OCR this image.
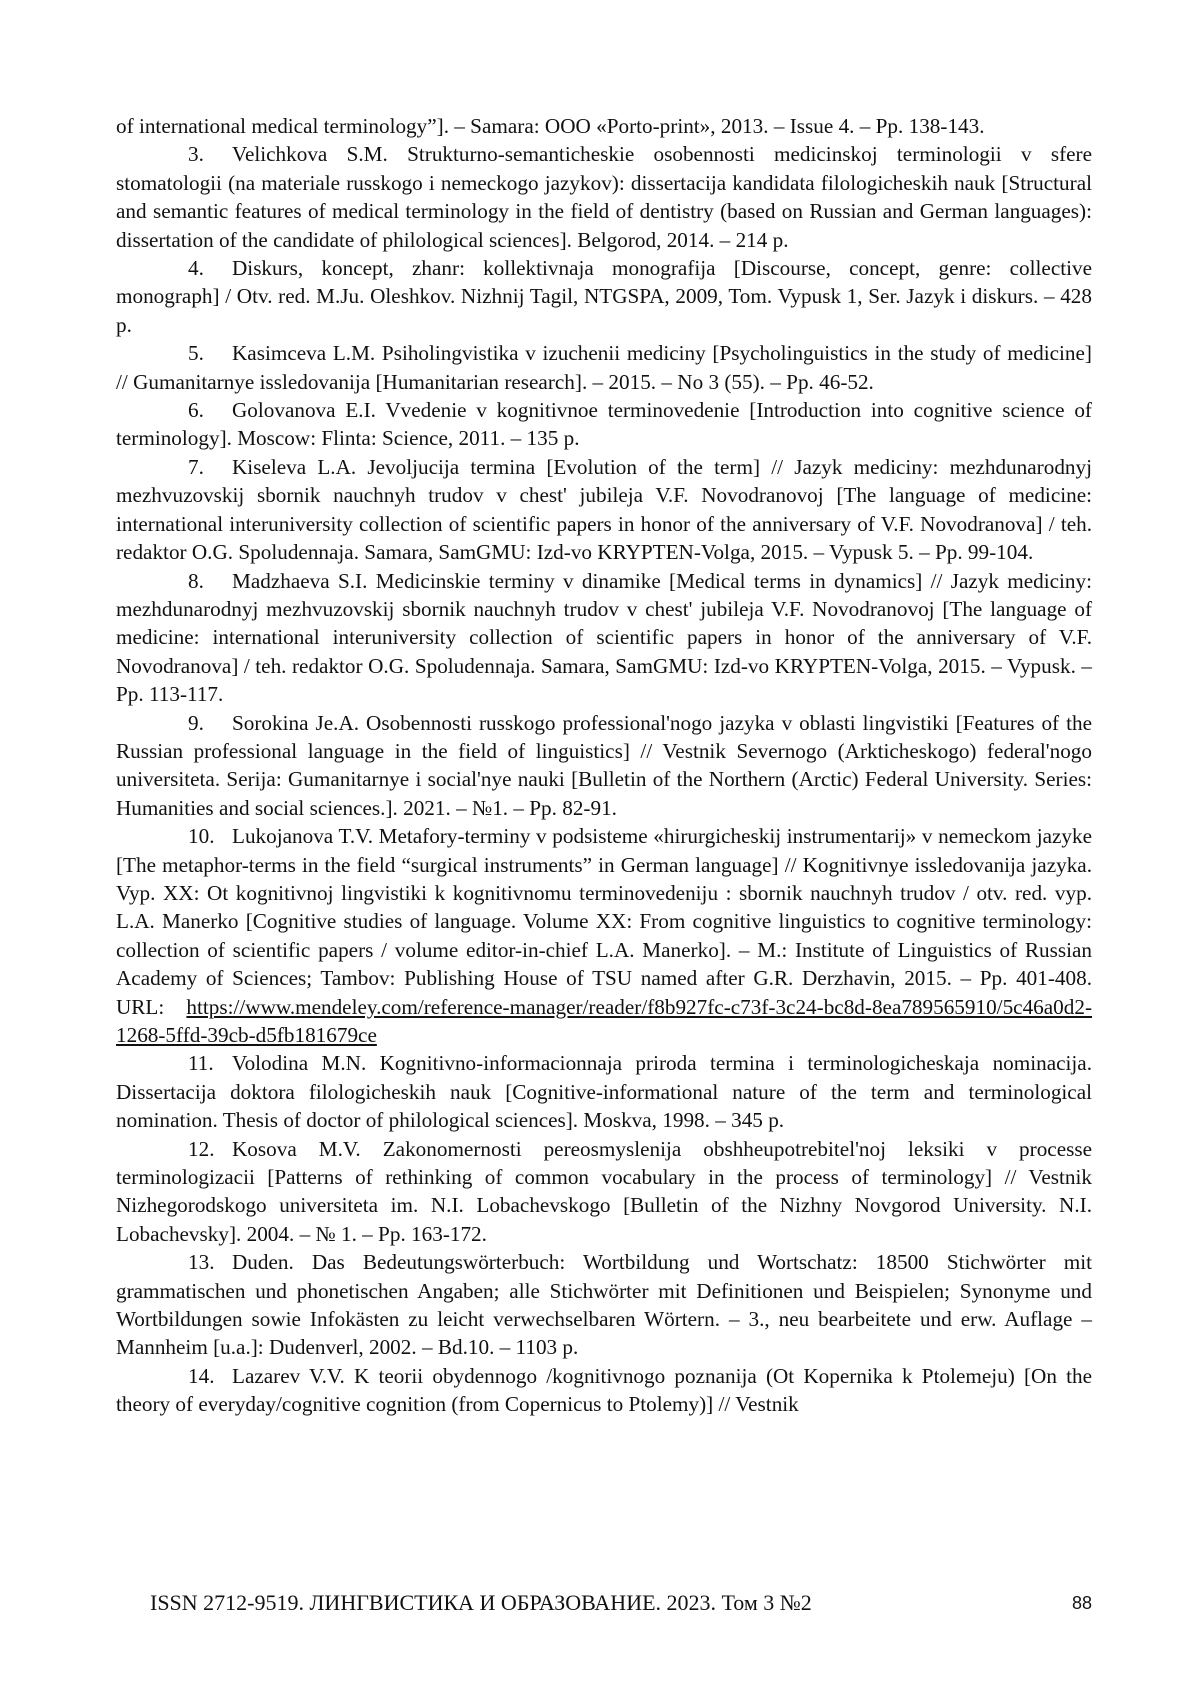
of international medical terminology”]. – Samara: OOO «Porto-print», 2013. – Issue 4. – Pp. 138-143.

3. Velichkova S.M. Strukturno-semanticheskie osobennosti medicinskoj terminologii v sfere stomatologii (na materiale russkogo i nemeckogo jazykov): dissertacija kandidata filologicheskih nauk [Structural and semantic features of medical terminology in the field of dentistry (based on Russian and German languages): dissertation of the candidate of philological sciences]. Belgorod, 2014. – 214 p.

4. Diskurs, koncept, zhanr: kollektivnaja monografija [Discourse, concept, genre: collective monograph] / Otv. red. M.Ju. Oleshkov. Nizhnij Tagil, NTGSPA, 2009, Tom. Vypusk 1, Ser. Jazyk i diskurs. – 428 p.

5. Kasimceva L.M. Psiholingvistika v izuchenii mediciny [Psycholinguistics in the study of medicine] // Gumanitarnye issledovanija [Humanitarian research]. – 2015. – No 3 (55). – Pp. 46-52.

6. Golovanova E.I. Vvedenie v kognitivnoe terminovedenie [Introduction into cognitive science of terminology]. Moscow: Flinta: Science, 2011. – 135 p.

7. Kiseleva L.A. Jevoljucija termina [Evolution of the term] // Jazyk mediciny: mezhdunarodnyj mezhvuzovskij sbornik nauchnyh trudov v chest' jubileja V.F. Novodranovoj [The language of medicine: international interuniversity collection of scientific papers in honor of the anniversary of V.F. Novodranova] / teh. redaktor O.G. Spoludennaja. Samara, SamGMU: Izd-vo KRYPTEN-Volga, 2015. – Vypusk 5. – Pp. 99-104.

8. Madzhaeva S.I. Medicinskie terminy v dinamike [Medical terms in dynamics] // Jazyk mediciny: mezhdunarodnyj mezhvuzovskij sbornik nauchnyh trudov v chest' jubileja V.F. Novodranovoj [The language of medicine: international interuniversity collection of scientific papers in honor of the anniversary of V.F. Novodranova] / teh. redaktor O.G. Spoludennaja. Samara, SamGMU: Izd-vo KRYPTEN-Volga, 2015. – Vypusk. – Pp. 113-117.

9. Sorokina Je.A. Osobennosti russkogo professional'nogo jazyka v oblasti lingvistiki [Features of the Russian professional language in the field of linguistics] // Vestnik Severnogo (Arkticheskogo) federal'nogo universiteta. Serija: Gumanitarnye i social'nye nauki [Bulletin of the Northern (Arctic) Federal University. Series: Humanities and social sciences.]. 2021. – №1. – Pp. 82-91.

10. Lukojanova T.V. Metafory-terminy v podsisteme «hirurgicheskij instrumentarij» v nemeckom jazyke [The metaphor-terms in the field “surgical instruments” in German language] // Kognitivnye issledovanija jazyka. Vyp. XX: Ot kognitivnoj lingvistiki k kognitivnomu terminovedeniju : sbornik nauchnyh trudov / otv. red. vyp. L.A. Manerko [Cognitive studies of language. Volume XX: From cognitive linguistics to cognitive terminology: collection of scientific papers / volume editor-in-chief L.A. Manerko]. – M.: Institute of Linguistics of Russian Academy of Sciences; Tambov: Publishing House of TSU named after G.R. Derzhavin, 2015. – Pp. 401-408. URL: https://www.mendeley.com/reference-manager/reader/f8b927fc-c73f-3c24-bc8d-8ea789565910/5c46a0d2-1268-5ffd-39cb-d5fb181679ce

11. Volodina M.N. Kognitivno-informacionnaja priroda termina i terminologicheskaja nominacija. Dissertacija doktora filologicheskih nauk [Cognitive-informational nature of the term and terminological nomination. Thesis of doctor of philological sciences]. Moskva, 1998. – 345 p.

12. Kosova M.V. Zakonomernosti pereosmyslenija obshheupotrebitel'noj leksiki v processe terminologizacii [Patterns of rethinking of common vocabulary in the process of terminology] // Vestnik Nizhegorodskogo universiteta im. N.I. Lobachevskogo [Bulletin of the Nizhny Novgorod University. N.I. Lobachevsky]. 2004. – № 1. – Pp. 163-172.

13. Duden. Das Bedeutungswörterbuch: Wortbildung und Wortschatz: 18500 Stichwörter mit grammatischen und phonetischen Angaben; alle Stichwörter mit Definitionen und Beispielen; Synonyme und Wortbildungen sowie Infokästen zu leicht verwechselbaren Wörtern. – 3., neu bearbeitete und erw. Auflage – Mannheim [u.a.]: Dudenverl, 2002. – Bd.10. – 1103 p.

14. Lazarev V.V. K teorii obydennogo /kognitivnogo poznanija (Ot Kopernika k Ptolemeju) [On the theory of everyday/cognitive cognition (from Copernicus to Ptolemy)] // Vestnik

ISSN 2712-9519. ЛИНГВИСТИКА И ОБРАЗОВАНИЕ. 2023. Том 3 №2	88
